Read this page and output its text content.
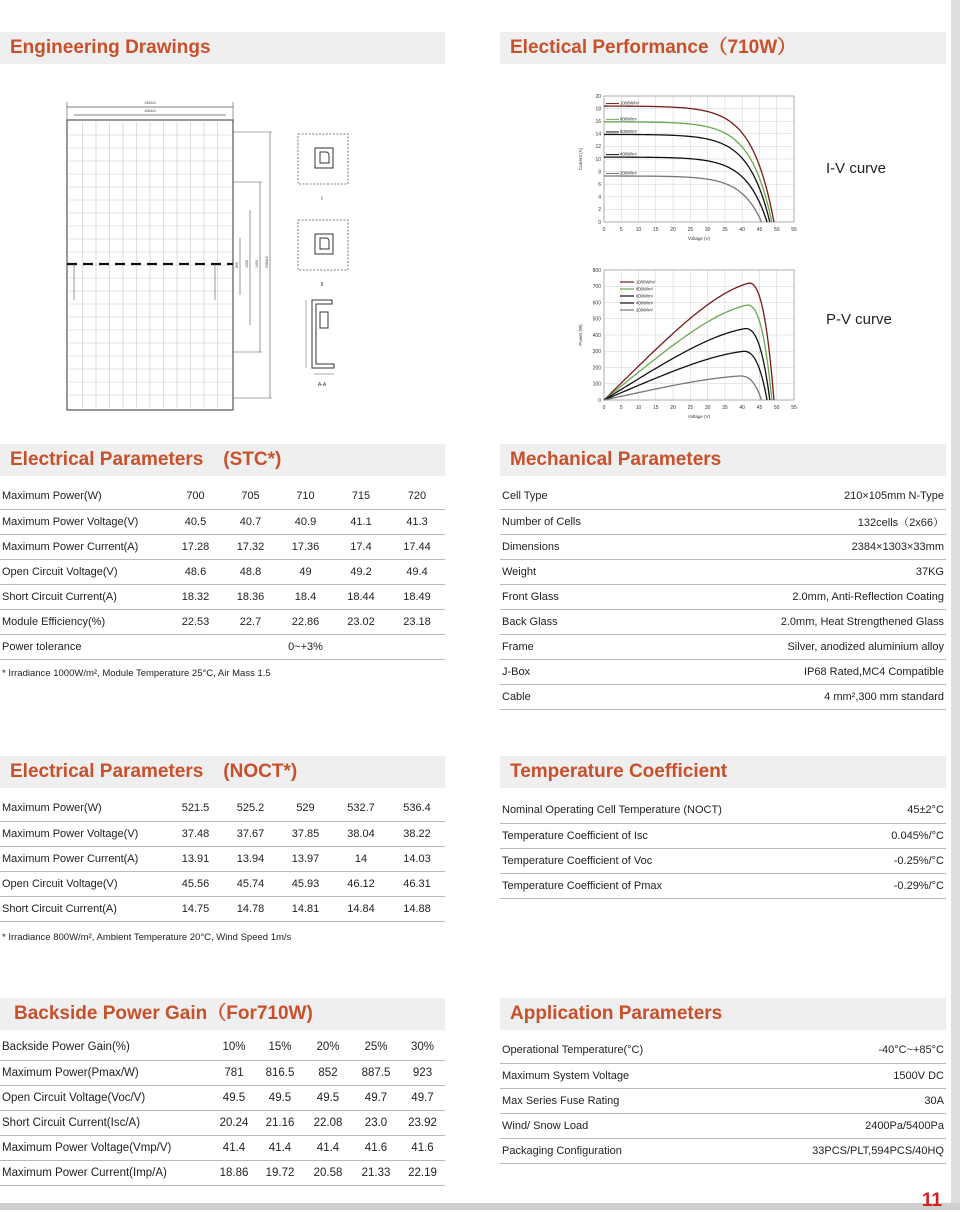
Engineering Drawings	Electical Performance（710W）
1303±2
1264±2
2384±2
1400
1200
800
I
II
A-A
0	5	10 15 20 25 30 35 40 45 50 55
0
2
4
6
8
10
12
14
16
18
20
Voltage (V)
Current (A)
1000W/m²
800W/m²
600W/m²
400W/m²
200W/m²	I-V curve
0	5	10 15 20 25 30 35 40 45 50 55
0
100
200
300
400
500
600
700
800
Voltage (V)
Power (W)
1000W/m²
800W/m²
600W/m²
400W/m²
200W/m²
P-V curve
Electrical Parameters (STC*)
Maximum Power(W)	700	705	710	715	720
Maximum Power Voltage(V)	40.5	40.7	40.9	41.1	41.3
Maximum Power Current(A)	17.28	17.32	17.36	17.4	17.44
Open Circuit Voltage(V)	48.6	48.8	49	49.2	49.4
Short Circuit Current(A)	18.32	18.36	18.4	18.44	18.49
Module Efficiency(%)	22.53	22.7	22.86	23.02	23.18
Power tolerance			0~+3%		
* Irradiance 1000W/m², Module Temperature 25°C, Air Mass 1.5
Mechanical Parameters
Cell Type	210×105mm N-Type
Number of Cells	132cells（2x66）
Dimensions	2384×1303×33mm
Weight	37KG
Front Glass	2.0mm, Anti-Reflection Coating
Back Glass	2.0mm, Heat Strengthened Glass
Frame	Silver, anodized aluminium alloy
J-Box	IP68 Rated,MC4 Compatible
Cable	4 mm²,300 mm standard
Electrical Parameters (NOCT*)
Maximum Power(W)	521.5	525.2	529	532.7	536.4
Maximum Power Voltage(V)	37.48	37.67	37.85	38.04	38.22
Maximum Power Current(A)	13.91	13.94	13.97	14	14.03
Open Circuit Voltage(V)	45.56	45.74	45.93	46.12	46.31
Short Circuit Current(A)	14.75	14.78	14.81	14.84	14.88
* Irradiance 800W/m², Ambient Temperature 20°C, Wind Speed 1m/s
Temperature Coefficient
Nominal Operating Cell Temperature (NOCT)	45±2°C
Temperature Coefficient of Isc	0.045%/°C
Temperature Coefficient of Voc	-0.25%/°C
Temperature Coefficient of Pmax	-0.29%/°C
Backside Power Gain（For710W)
Backside Power Gain(%)	10%	15%	20%	25%	30%
Maximum Power(Pmax/W)	781	816.5	852	887.5	923
Open Circuit Voltage(Voc/V)	49.5	49.5	49.5	49.7	49.7
Short Circuit Current(Isc/A)	20.24	21.16	22.08	23.0	23.92
Maximum Power Voltage(Vmp/V)	41.4	41.4	41.4	41.6	41.6
Maximum Power Current(Imp/A)	18.86	19.72	20.58	21.33	22.19
Application Parameters
Operational Temperature(°C)	-40°C~+85°C
Maximum System Voltage	1500V DC
Max Series Fuse Rating	30A
Wind/ Snow Load	2400Pa/5400Pa
Packaging Configuration	33PCS/PLT,594PCS/40HQ
11
